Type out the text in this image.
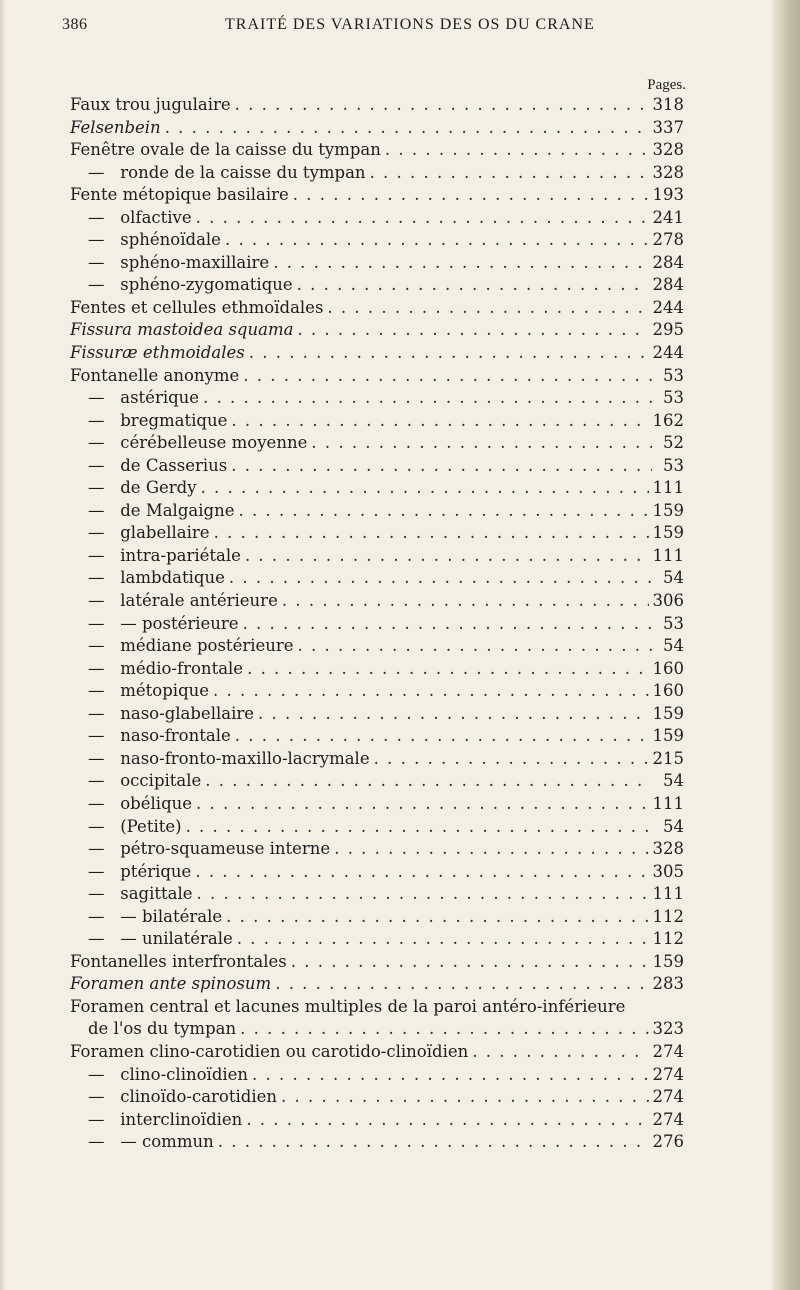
386	TRAITÉ DES VARIATIONS DES OS DU CRANE
Pages.
Faux trou jugulaire . . .	318
Felsenbein . . .	337
Fenêtre ovale de la caisse du tympan . . .	328
— ronde de la caisse du tympan . . .	328
Fente métopique basilaire . . .	193
— olfactive . . .	241
— sphénoïdale . . .	278
— sphéno-maxillaire . . .	284
— sphéno-zygomatique . . .	284
Fentes et cellules ethmoïdales . . .	244
Fissura mastoidea squama . . .	295
Fissuræ ethmoidales . . .	244
Fontanelle anonyme . . .	53
— astérique . . .	53
— bregmatique . . .	162
— cérébelleuse moyenne . . .	52
— de Casserius . . .	53
— de Gerdy . . .	111
— de Malgaigne . . .	159
— glabellaire . . .	159
— intra-pariétale . . .	111
— lambdatique . . .	54
— latérale antérieure . . .	306
— — postérieure . . .	53
— médiane postérieure . . .	54
— médio-frontale . . .	160
— métopique . . .	160
— naso-glabellaire . . .	159
— naso-frontale . . .	159
— naso-fronto-maxillo-lacrymale . . .	215
— occipitale . . .	54
— obélique . . .	111
— (Petite) . . .	54
— pétro-squameuse interne . . .	328
— ptérique . . .	305
— sagittale . . .	111
— — bilatérale . . .	112
— — unilatérale . . .	112
Fontanelles interfrontales . . .	159
Foramen ante spinosum . . .	283
Foramen central et lacunes multiples de la paroi antéro-inférieure
de l'os du tympan . . .	323
Foramen clino-carotidien ou carotido-clinoïdien . . .	274
— clino-clinoïdien . . .	274
— clinoïdo-carotidien . . .	274
— interclinoïdien . . .	274
— — commun . . .	276
